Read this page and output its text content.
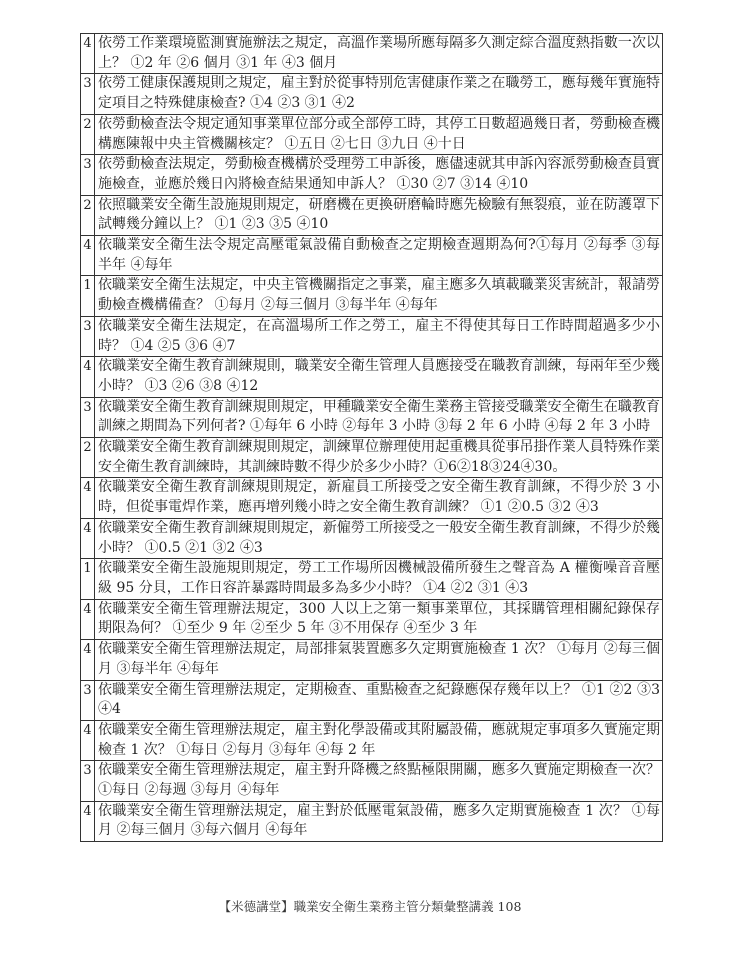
4	依勞工作業環境監測實施辦法之規定，高溫作業場所應每隔多久測定綜合溫度熱指數一次以上？ ①2 年 ②6 個月 ③1 年 ④3 個月
3	依勞工健康保護規則之規定，雇主對於從事特別危害健康作業之在職勞工，應每幾年實施特定項目之特殊健康檢查? ①4 ②3 ③1 ④2
2	依勞動檢查法令規定通知事業單位部分或全部停工時，其停工日數超過幾日者，勞動檢查機構應陳報中央主管機關核定？ ①五日 ②七日 ③九日 ④十日
3	依勞動檢查法規定，勞動檢查機構於受理勞工申訴後，應儘速就其申訴內容派勞動檢查員實施檢查，並應於幾日內將檢查結果通知申訴人？ ①30 ②7 ③14 ④10
2	依照職業安全衛生設施規則規定，研磨機在更換研磨輪時應先檢驗有無裂痕，並在防護罩下試轉幾分鐘以上？ ①1 ②3 ③5 ④10
4	依職業安全衛生法令規定高壓電氣設備自動檢查之定期檢查週期為何?①每月 ②每季 ③每半年 ④每年
1	依職業安全衛生法規定，中央主管機關指定之事業，雇主應多久填載職業災害統計，報請勞動檢查機構備查？ ①每月 ②每三個月 ③每半年 ④每年
3	依職業安全衛生法規定，在高溫場所工作之勞工，雇主不得使其每日工作時間超過多少小時？ ①4 ②5 ③6 ④7
4	依職業安全衛生教育訓練規則，職業安全衛生管理人員應接受在職教育訓練，每兩年至少幾小時？ ①3 ②6 ③8 ④12
3	依職業安全衛生教育訓練規則規定，甲種職業安全衛生業務主管接受職業安全衛生在職教育訓練之期間為下列何者? ①每年 6 小時 ②每年 3 小時 ③每 2 年 6 小時 ④每 2 年 3 小時
2	依職業安全衛生教育訓練規則規定，訓練單位辦理使用起重機具從事吊掛作業人員特殊作業安全衛生教育訓練時，其訓練時數不得少於多少小時？①6②18③24④30。
4	依職業安全衛生教育訓練規則規定，新雇員工所接受之安全衛生教育訓練，不得少於 3 小時，但從事電焊作業，應再增列幾小時之安全衛生教育訓練？ ①1 ②0.5 ③2 ④3
4	依職業安全衛生教育訓練規則規定，新僱勞工所接受之一般安全衛生教育訓練，不得少於幾小時？ ①0.5 ②1 ③2 ④3
1	依職業安全衛生設施規則規定，勞工工作場所因機械設備所發生之聲音為 A 權衡噪音音壓級 95 分貝，工作日容許暴露時間最多為多少小時？ ①4 ②2 ③1 ④3
4	依職業安全衛生管理辦法規定，300 人以上之第一類事業單位，其採購管理相關紀錄保存期限為何？ ①至少 9 年 ②至少 5 年 ③不用保存 ④至少 3 年
4	依職業安全衛生管理辦法規定，局部排氣裝置應多久定期實施檢查 1 次？ ①每月 ②每三個月 ③每半年 ④每年
3	依職業安全衛生管理辦法規定，定期檢查、重點檢查之紀錄應保存幾年以上？ ①1 ②2 ③3 ④4
4	依職業安全衛生管理辦法規定，雇主對化學設備或其附屬設備，應就規定事項多久實施定期檢查 1 次？ ①每日 ②每月 ③每年 ④每 2 年
3	依職業安全衛生管理辦法規定，雇主對升降機之終點極限開關，應多久實施定期檢查一次？ ①每日 ②每週 ③每月 ④每年
4	依職業安全衛生管理辦法規定，雇主對於低壓電氣設備，應多久定期實施檢查 1 次？ ①每月 ②每三個月 ③每六個月 ④每年
【米德講堂】職業安全衛生業務主管分類彙整講義 108
